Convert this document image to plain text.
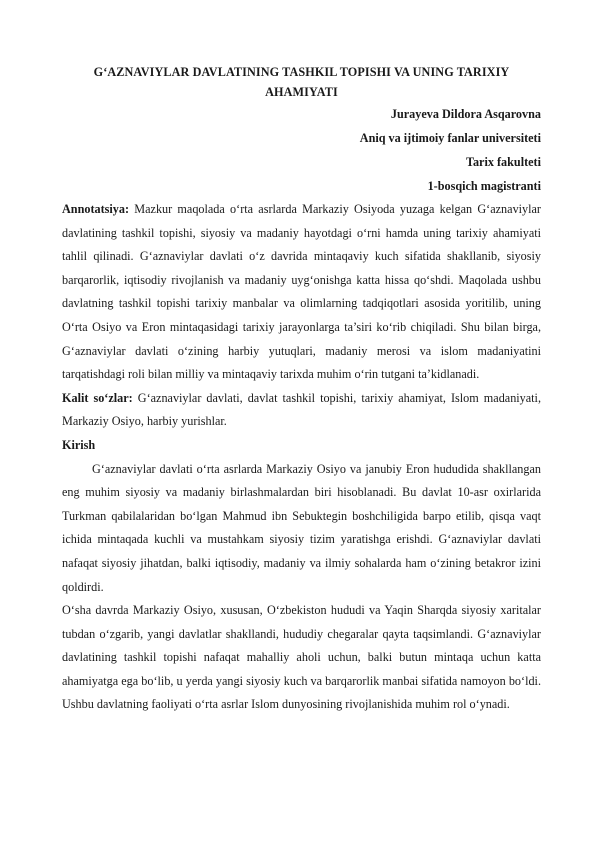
G‘AZNAVIYLAR DAVLATINING TASHKIL TOPISHI VA UNING TARIXIY AHAMIYATI
Jurayeva Dildora Asqarovna
Aniq va ijtimoiy fanlar universiteti
Tarix fakulteti
1-bosqich magistranti

Annotatsiya: Mazkur maqolada o‘rta asrlarda Markaziy Osiyoda yuzaga kelgan G‘aznaviylar davlatining tashkil topishi, siyosiy va madaniy hayotdagi o‘rni hamda uning tarixiy ahamiyati tahlil qilinadi. G‘aznaviylar davlati o‘z davrida mintaqaviy kuch sifatida shakllanib, siyosiy barqarorlik, iqtisodiy rivojlanish va madaniy uyg‘onishga katta hissa qo‘shdi. Maqolada ushbu davlatning tashkil topishi tarixiy manbalar va olimlarning tadqiqotlari asosida yoritilib, uning O‘rta Osiyo va Eron mintaqasidagi tarixiy jarayonlarga ta’siri ko‘rib chiqiladi. Shu bilan birga, G‘aznaviylar davlati o‘zining harbiy yutuqlari, madaniy merosi va islom madaniyatini tarqatishdagi roli bilan milliy va mintaqaviy tarixda muhim o‘rin tutgani ta’kidlanadi.

Kalit so‘zlar: G‘aznaviylar davlati, davlat tashkil topishi, tarixiy ahamiyat, Islom madaniyati, Markaziy Osiyo, harbiy yurishlar.

Kirish

G‘aznaviylar davlati o‘rta asrlarda Markaziy Osiyo va janubiy Eron hududida shakllangan eng muhim siyosiy va madaniy birlashmalardan biri hisoblanadi. Bu davlat 10-asr oxirlarida Turkman qabilalaridan bo‘lgan Mahmud ibn Sebuktegin boshchiligida barpo etilib, qisqa vaqt ichida mintaqada kuchli va mustahkam siyosiy tizim yaratishga erishdi. G‘aznaviylar davlati nafaqat siyosiy jihatdan, balki iqtisodiy, madaniy va ilmiy sohalarda ham o‘zining betakror izini qoldirdi.

O‘sha davrda Markaziy Osiyo, xususan, O‘zbekiston hududi va Yaqin Sharqda siyosiy xaritalar tubdan o‘zgarib, yangi davlatlar shakllandi, hududiy chegaralar qayta taqsimlandi. G‘aznaviylar davlatining tashkil topishi nafaqat mahalliy aholi uchun, balki butun mintaqa uchun katta ahamiyatga ega bo‘lib, u yerda yangi siyosiy kuch va barqarorlik manbai sifatida namoyon bo‘ldi. Ushbu davlatning faoliyati o‘rta asrlar Islom dunyosining rivojlanishida muhim rol o‘ynadi.
